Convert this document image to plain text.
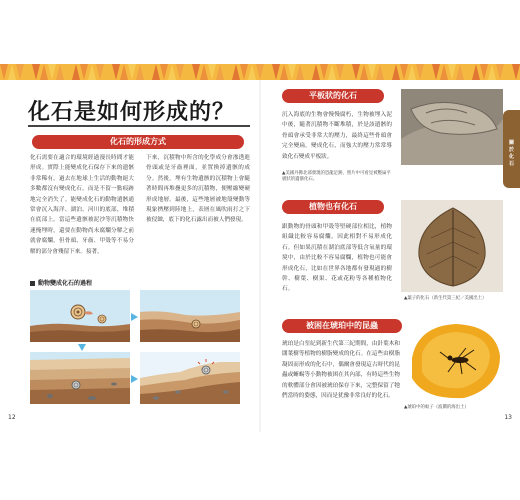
化石是如何形成的？
化石的形成方式

化石需要在適合的環境經過漫長時間才能形成。實際上能變成化石保存下來的遺骸非常稀有。過去在地球上生活的動物絕大多數都沒有變成化石，而是不留一點痕跡地完全消失了。能變成化石的動物遺骸通常會沉入海洋、湖泊、河川的底部，堆積在底部上。當這些遺骸被泥沙等沉積物快速掩埋時，還要在動物尚未腐爛分解之前就會腐爛，但骨頭、牙齒、甲殼等不易分解的部分會殘留下來。接著，

下來，沉積物中所含的化學成分會滲透進骨頭或是牙齒裡面，並置換掉遺骸的成分。然後，埋有生物遺骸的沉積物上會隨著時間再堆疊更多的沉積物，便壓縮變硬形成地層。最後，這些地層被地殼變動等現象擠壓到陸地上，表層在風吹雨打之下被侵蝕，底下的化石露出而被人們發現。

動物變成化石的過程
12
平板狀的化石

沉入海底的生物會慢慢腐朽，生物被埋入泥中後，隨著沉積物不斷堆積，於是該遺骸的骨頭會承受非常大的壓力，最終這些骨頭會完全變扁。變成化石，而強大的壓力常常導致化石變成平板狀。

▲美國丹佛北部發現的恐龍足跡，照片中可看見被壓扁平板狀的遺骸化石。

植物也有化石

跟動物的骨頭和甲殼等堅硬部位相比，植物組織比較容易腐爛，因此相對不易形成化石。但如果沉積在湖泊底部等低含氧量的環境中，由於比較不容易腐爛，植物也可能會形成化石，比如在世界各地都有發現過的樹幹、樹葉、樹果、花或花粉等各種植物化石。

▲葉子的化石（新生代第三紀／美國出土）

被困在琥珀中的昆蟲

琥珀是白堊紀到新生代第三紀期間，由針葉木和闊葉樹等植物的樹脂變成的化石。在這些由樹脂凝固而形成的化石中，偶爾會發現這古時代的昆蟲或蜥蜴等小動物被困在其內部，有時這些生物的軟體部分會因被琥珀保存下來，完整保留了牠們當時的姿態，因而是犹豫非常良好的化石。

▲琥珀中的蚊子（波蘭的海出土）

關於化石
13
